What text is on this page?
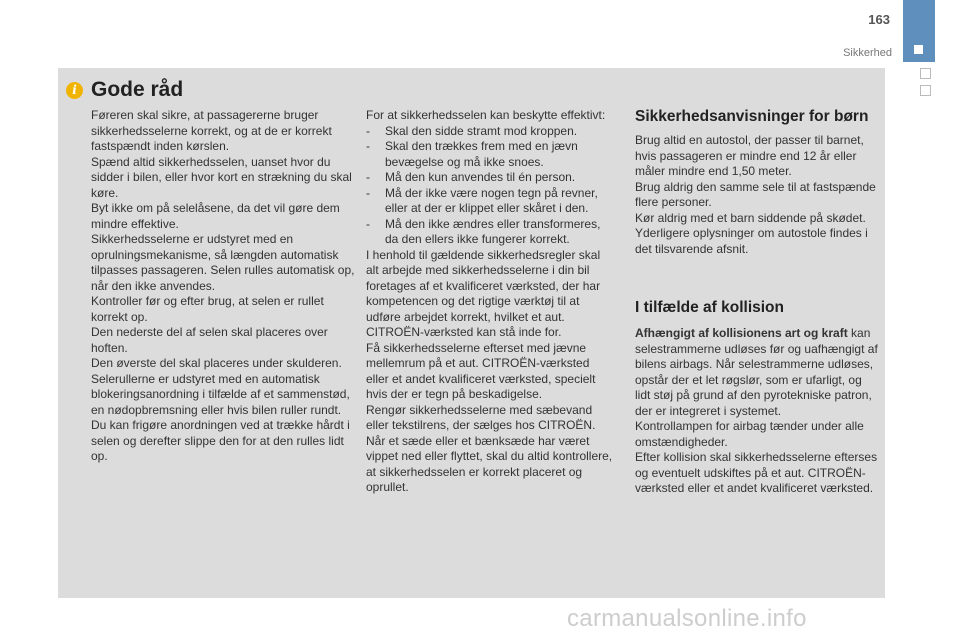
163
Sikkerhed
i Gode råd

Føreren skal sikre, at passagererne bruger sikkerhedsselerne korrekt, og at de er korrekt fastspændt inden kørslen.

Spænd altid sikkerhedsselen, uanset hvor du sidder i bilen, eller hvor kort en strækning du skal køre.

Byt ikke om på selelåsene, da det vil gøre dem mindre effektive.

Sikkerhedsselerne er udstyret med en oprulningsmekanisme, så længden automatisk tilpasses passageren. Selen rulles automatisk op, når den ikke anvendes.

Kontroller før og efter brug, at selen er rullet korrekt op.

Den nederste del af selen skal placeres over hoften.

Den øverste del skal placeres under skulderen.

Selerullerne er udstyret med en automatisk blokeringsanordning i tilfælde af et sammenstød, en nødopbremsning eller hvis bilen ruller rundt. Du kan frigøre anordningen ved at trække hårdt i selen og derefter slippe den for at den rulles lidt op.

For at sikkerhedsselen kan beskytte effektivt:

-	Skal den sidde stramt mod kroppen.
-	Skal den trækkes frem med en jævn bevægelse og må ikke snoes.
-	Må den kun anvendes til én person.
-	Må der ikke være nogen tegn på revner, eller at der er klippet eller skåret i den.
-	Må den ikke ændres eller transformeres, da den ellers ikke fungerer korrekt.

I henhold til gældende sikkerhedsregler skal alt arbejde med sikkerhedsselerne i din bil foretages af et kvalificeret værksted, der har kompetencen og det rigtige værktøj til at udføre arbejdet korrekt, hvilket et aut. CITROËN-værksted kan stå inde for.

Få sikkerhedsselerne efterset med jævne mellemrum på et aut. CITROËN-værksted eller et andet kvalificeret værksted, specielt hvis der er tegn på beskadigelse.

Rengør sikkerhedsselerne med sæbevand eller tekstilrens, der sælges hos CITROËN.

Når et sæde eller et bænksæde har været vippet ned eller flyttet, skal du altid kontrollere, at sikkerhedsselen er korrekt placeret og oprullet.

Sikkerhedsanvisninger for børn

Brug altid en autostol, der passer til barnet, hvis passageren er mindre end 12 år eller måler mindre end 1,50 meter.

Brug aldrig den samme sele til at fastspænde flere personer.

Kør aldrig med et barn siddende på skødet.

Yderligere oplysninger om autostole findes i det tilsvarende afsnit.

I tilfælde af kollision

Afhængigt af kollisionens art og kraft kan selestrammerne udløses før og uafhængigt af bilens airbags. Når selestrammerne udløses, opstår der et let røgslør, som er ufarligt, og lidt støj på grund af den pyrotekniske patron, der er integreret i systemet.

Kontrollampen for airbag tænder under alle omstændigheder.

Efter kollision skal sikkerhedsselerne efterses og eventuelt udskiftes på et aut. CITROËN-værksted eller et andet kvalificeret værksted.

carmanualsonline.info
